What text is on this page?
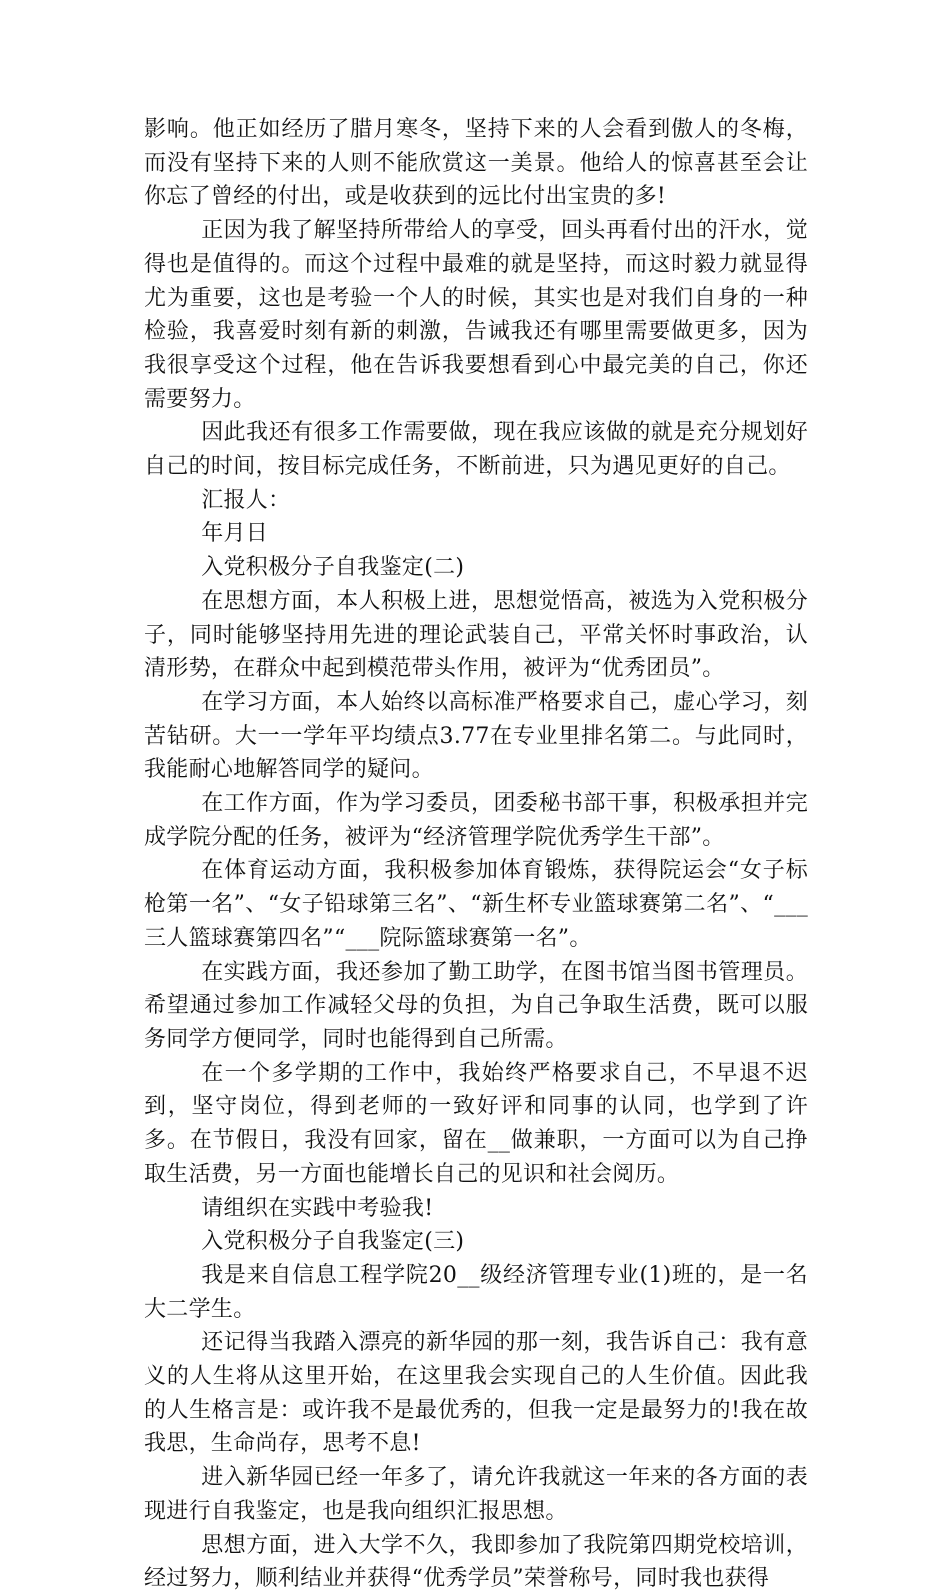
影响。他正如经历了腊月寒冬，坚持下来的人会看到傲人的冬梅，而没有坚持下来的人则不能欣赏这一美景。他给人的惊喜甚至会让你忘了曾经的付出，或是收获到的远比付出宝贵的多!

正因为我了解坚持所带给人的享受，回头再看付出的汗水，觉得也是值得的。而这个过程中最难的就是坚持，而这时毅力就显得尤为重要，这也是考验一个人的时候，其实也是对我们自身的一种检验，我喜爱时刻有新的刺激，告诫我还有哪里需要做更多，因为我很享受这个过程，他在告诉我要想看到心中最完美的自己，你还需要努力。

因此我还有很多工作需要做，现在我应该做的就是充分规划好自己的时间，按目标完成任务，不断前进，只为遇见更好的自己。

汇报人：

年月日

入党积极分子自我鉴定(二)

在思想方面，本人积极上进，思想觉悟高，被选为入党积极分子，同时能够坚持用先进的理论武装自己，平常关怀时事政治，认清形势，在群众中起到模范带头作用，被评为“优秀团员”。

在学习方面，本人始终以高标准严格要求自己，虚心学习，刻苦钻研。大一一学年平均绩点3.77在专业里排名第二。与此同时，我能耐心地解答同学的疑问。

在工作方面，作为学习委员，团委秘书部干事，积极承担并完成学院分配的任务，被评为“经济管理学院优秀学生干部”。

在体育运动方面，我积极参加体育锻炼，获得院运会“女子标枪第一名”、“女子铅球第三名”、“新生杯专业篮球赛第二名”、“___三人篮球赛第四名”“___院际篮球赛第一名”。

在实践方面，我还参加了勤工助学，在图书馆当图书管理员。希望通过参加工作减轻父母的负担，为自己争取生活费，既可以服务同学方便同学，同时也能得到自己所需。

在一个多学期的工作中，我始终严格要求自己，不早退不迟到，坚守岗位，得到老师的一致好评和同事的认同，也学到了许多。在节假日，我没有回家，留在__做兼职，一方面可以为自己挣取生活费，另一方面也能增长自己的见识和社会阅历。

请组织在实践中考验我!

入党积极分子自我鉴定(三)

我是来自信息工程学院20__级经济管理专业(1)班的，是一名大二学生。

还记得当我踏入漂亮的新华园的那一刻，我告诉自己：我有意义的人生将从这里开始，在这里我会实现自己的人生价值。因此我的人生格言是：或许我不是最优秀的，但我一定是最努力的!我在故我思，生命尚存，思考不息!

进入新华园已经一年多了，请允许我就这一年来的各方面的表现进行自我鉴定，也是我向组织汇报思想。

思想方面，进入大学不久，我即参加了我院第四期党校培训，经过努力，顺利结业并获得“优秀学员”荣誉称号，同时我也获得
